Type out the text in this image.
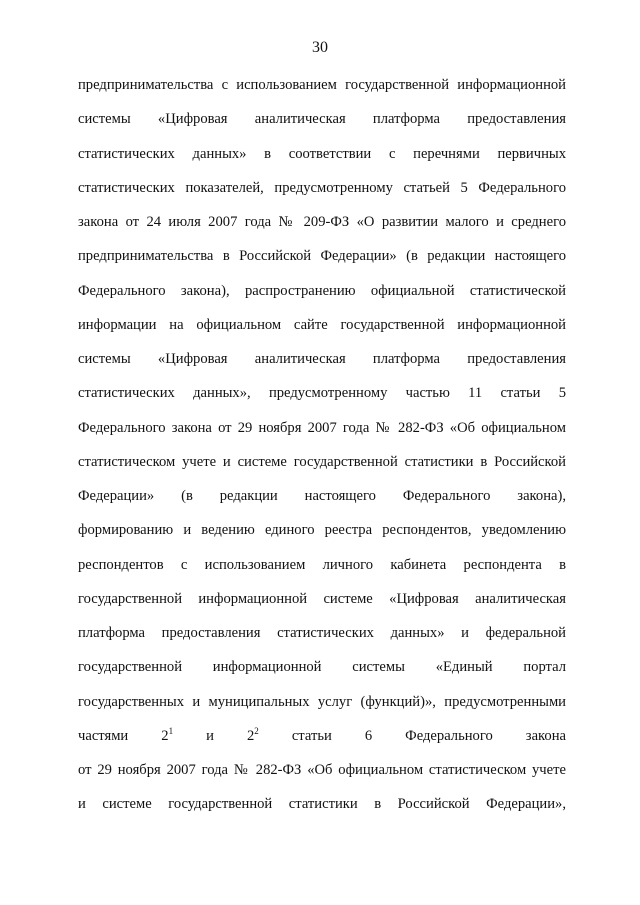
30
предпринимательства с использованием государственной информационной
системы «Цифровая аналитическая платформа предоставления
статистических данных» в соответствии с перечнями первичных
статистических показателей, предусмотренному статьей 5 Федерального
закона от 24 июля 2007 года № 209-ФЗ «О развитии малого и среднего
предпринимательства в Российской Федерации» (в редакции настоящего
Федерального закона), распространению официальной статистической
информации на официальном сайте государственной информационной
системы «Цифровая аналитическая платформа предоставления
статистических данных», предусмотренному частью 11 статьи 5
Федерального закона от 29 ноября 2007 года № 282-ФЗ «Об официальном
статистическом учете и системе государственной статистики в Российской
Федерации» (в редакции настоящего Федерального закона),
формированию и ведению единого реестра респондентов, уведомлению
респондентов с использованием личного кабинета респондента в
государственной информационной системе «Цифровая аналитическая
платформа предоставления статистических данных» и федеральной
государственной информационной системы «Единый портал
государственных и муниципальных услуг (функций)», предусмотренными
частями $2^1$ и $2^2$ статьи 6 Федерального закона
от 29 ноября 2007 года № 282-ФЗ «Об официальном статистическом учете
и системе государственной статистики в Российской Федерации»,
